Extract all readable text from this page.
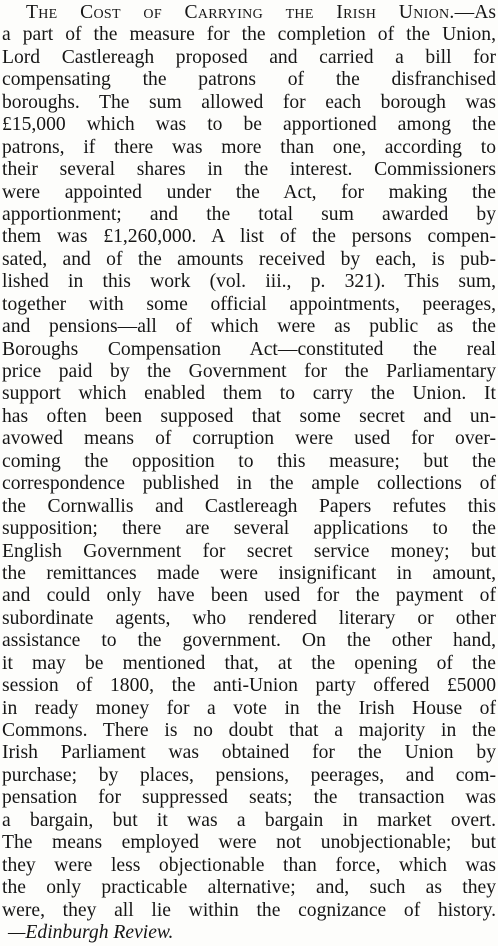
The Cost of Carrying the Irish Union.—As
a part of the measure for the completion of the Union,
Lord Castlereagh proposed and carried a bill for
compensating the patrons of the disfranchised
boroughs. The sum allowed for each borough was
£15,000 which was to be apportioned among the
patrons, if there was more than one, according to
their several shares in the interest. Commissioners
were appointed under the Act, for making the
apportionment; and the total sum awarded by
them was £1,260,000. A list of the persons compen-
sated, and of the amounts received by each, is pub-
lished in this work (vol. iii., p. 321). This sum,
together with some official appointments, peerages,
and pensions—all of which were as public as the
Boroughs Compensation Act—constituted the real
price paid by the Government for the Parliamentary
support which enabled them to carry the Union. It
has often been supposed that some secret and un-
avowed means of corruption were used for over-
coming the opposition to this measure; but the
correspondence published in the ample collections of
the Cornwallis and Castlereagh Papers refutes this
supposition; there are several applications to the
English Government for secret service money; but
the remittances made were insignificant in amount,
and could only have been used for the payment of
subordinate agents, who rendered literary or other
assistance to the government. On the other hand,
it may be mentioned that, at the opening of the
session of 1800, the anti-Union party offered £5000
in ready money for a vote in the Irish House of
Commons. There is no doubt that a majority in the
Irish Parliament was obtained for the Union by
purchase; by places, pensions, peerages, and com-
pensation for suppressed seats; the transaction was
a bargain, but it was a bargain in market overt.
The means employed were not unobjectionable; but
they were less objectionable than force, which was
the only practicable alternative; and, such as they
were, they all lie within the cognizance of history.
—Edinburgh Review.
